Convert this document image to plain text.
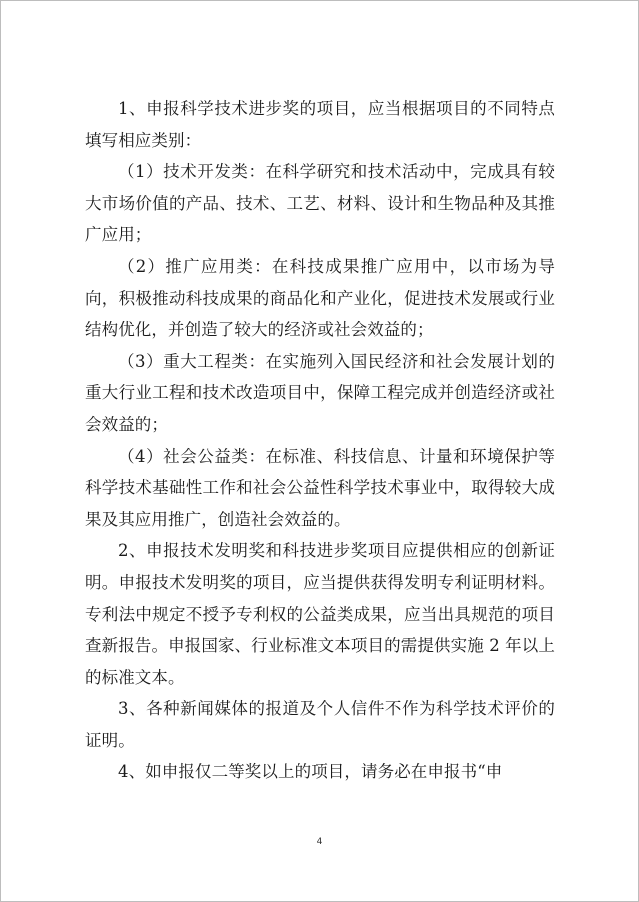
1、申报科学技术进步奖的项目，应当根据项目的不同特点填写相应类别：

（1）技术开发类：在科学研究和技术活动中，完成具有较大市场价值的产品、技术、工艺、材料、设计和生物品种及其推广应用；

（2）推广应用类：在科技成果推广应用中，以市场为导向，积极推动科技成果的商品化和产业化，促进技术发展或行业结构优化，并创造了较大的经济或社会效益的；

（3）重大工程类：在实施列入国民经济和社会发展计划的重大行业工程和技术改造项目中，保障工程完成并创造经济或社会效益的；

（4）社会公益类：在标准、科技信息、计量和环境保护等科学技术基础性工作和社会公益性科学技术事业中，取得较大成果及其应用推广，创造社会效益的。

2、申报技术发明奖和科技进步奖项目应提供相应的创新证明。申报技术发明奖的项目，应当提供获得发明专利证明材料。专利法中规定不授予专利权的公益类成果，应当出具规范的项目查新报告。申报国家、行业标准文本项目的需提供实施 2 年以上的标准文本。

3、各种新闻媒体的报道及个人信件不作为科学技术评价的证明。

4、如申报仅二等奖以上的项目，请务必在申报书“申

4
